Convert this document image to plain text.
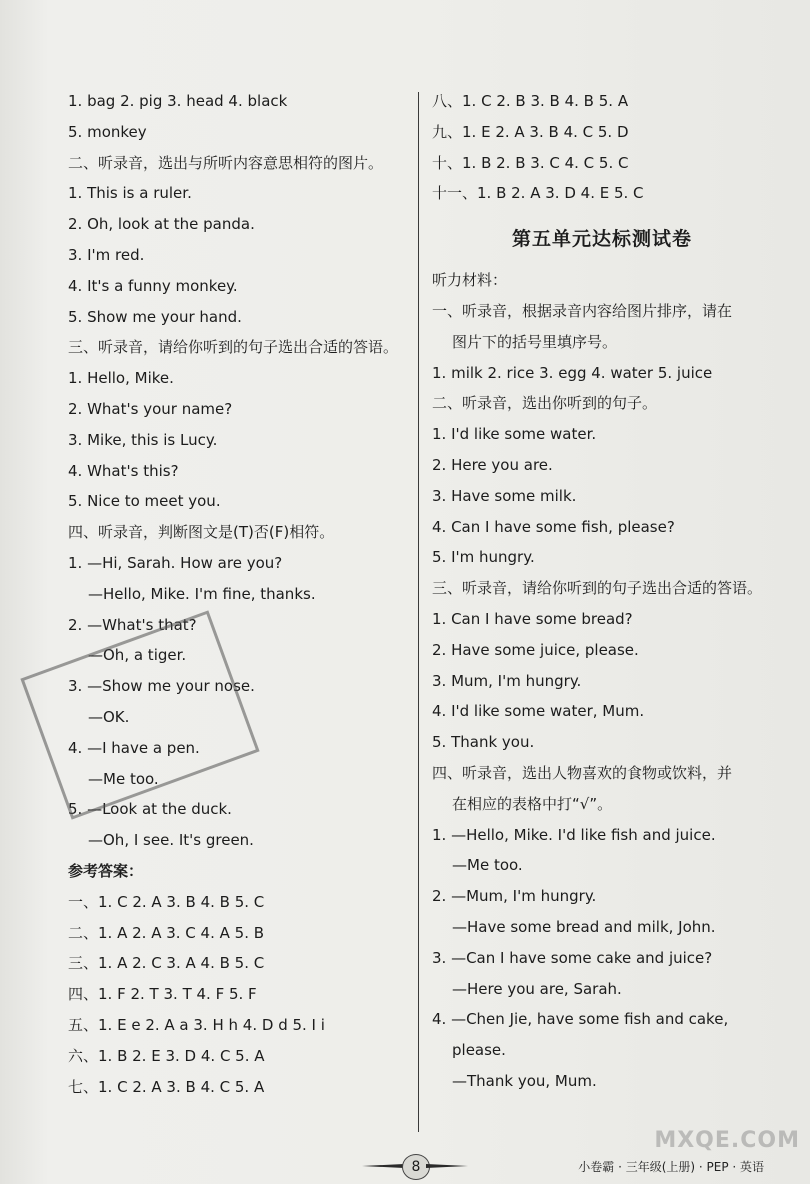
1. bag 2. pig 3. head 4. black
5. monkey
二、听录音，选出与所听内容意思相符的图片。
1. This is a ruler.
2. Oh, look at the panda.
3. I'm red.
4. It's a funny monkey.
5. Show me your hand.
三、听录音，请给你听到的句子选出合适的答语。
1. Hello, Mike.
2. What's your name?
3. Mike, this is Lucy.
4. What's this?
5. Nice to meet you.
四、听录音，判断图文是(T)否(F)相符。
1. —Hi, Sarah. How are you?
—Hello, Mike. I'm fine, thanks.
2. —What's that?
—Oh, a tiger.
3. —Show me your nose.
—OK.
4. —I have a pen.
—Me too.
5. —Look at the duck.
—Oh, I see. It's green.
参考答案：
一、1. C 2. A 3. B 4. B 5. C
二、1. A 2. A 3. C 4. A 5. B
三、1. A 2. C 3. A 4. B 5. C
四、1. F 2. T 3. T 4. F 5. F
五、1. E e 2. A a 3. H h 4. D d 5. I i
六、1. B 2. E 3. D 4. C 5. A
七、1. C 2. A 3. B 4. C 5. A
八、1. C 2. B 3. B 4. B 5. A
九、1. E 2. A 3. B 4. C 5. D
十、1. B 2. B 3. C 4. C 5. C
十一、1. B 2. A 3. D 4. E 5. C
第五单元达标测试卷
听力材料：
一、听录音，根据录音内容给图片排序，请在
图片下的括号里填序号。
1. milk 2. rice 3. egg 4. water 5. juice
二、听录音，选出你听到的句子。
1. I'd like some water.
2. Here you are.
3. Have some milk.
4. Can I have some fish, please?
5. I'm hungry.
三、听录音，请给你听到的句子选出合适的答语。
1. Can I have some bread?
2. Have some juice, please.
3. Mum, I'm hungry.
4. I'd like some water, Mum.
5. Thank you.
四、听录音，选出人物喜欢的食物或饮料，并
在相应的表格中打“√”。
1. —Hello, Mike. I'd like fish and juice.
—Me too.
2. —Mum, I'm hungry.
—Have some bread and milk, John.
3. —Can I have some cake and juice?
—Here you are, Sarah.
4. —Chen Jie, have some fish and cake,
please.
—Thank you, Mum.

8	小卷霸 · 三年级(上册) · PEP · 英语
MXQE.COM
